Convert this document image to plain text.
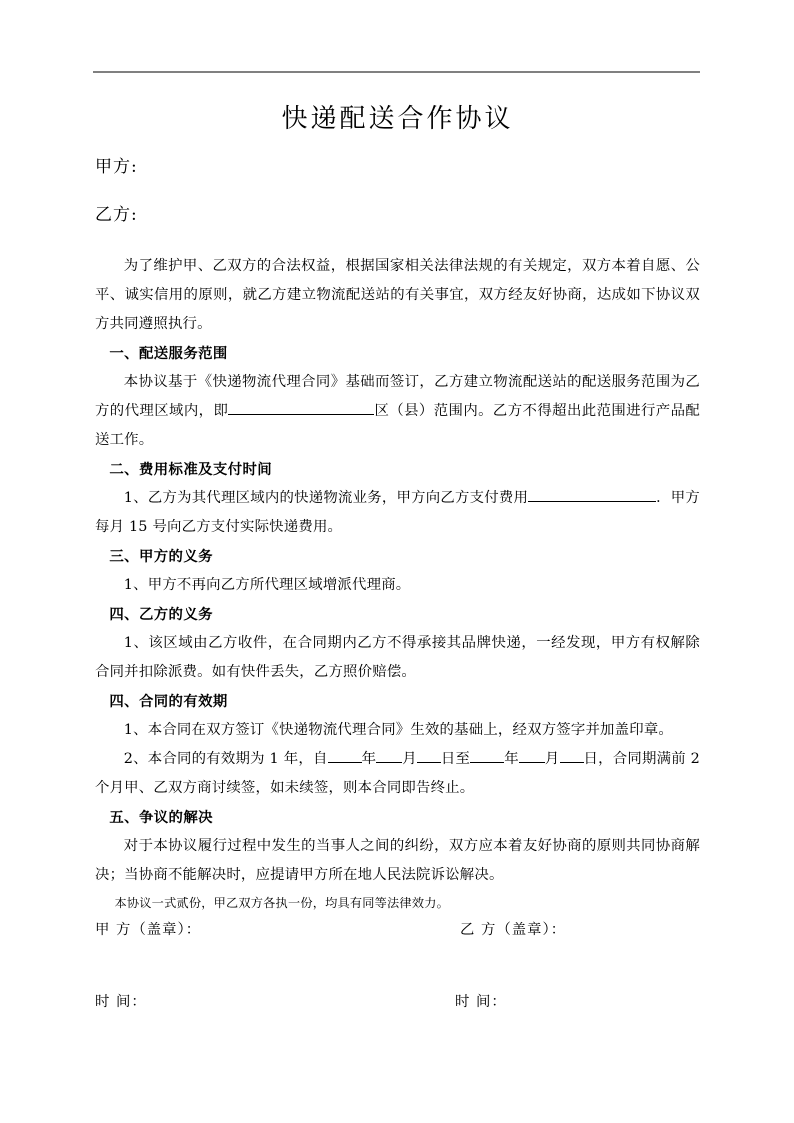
快递配送合作协议
甲方:
乙方:

为了维护甲、乙双方的合法权益，根据国家相关法律法规的有关规定，双方本着自愿、公平、诚实信用的原则，就乙方建立物流配送站的有关事宜，双方经友好协商，达成如下协议双方共同遵照执行。

一、配送服务范围

本协议基于《快递物流代理合同》基础而签订，乙方建立物流配送站的配送服务范围为乙方的代理区域内，即	区（县）范围内。乙方不得超出此范围进行产品配送工作。

二、费用标准及支付时间

1、乙方为其代理区域内的快递物流业务，甲方向乙方支付费用	．甲方每月 15 号向乙方支付实际快递费用。

三、甲方的义务

1、甲方不再向乙方所代理区域增派代理商。

四、乙方的义务

1、该区域由乙方收件，在合同期内乙方不得承接其品牌快递，一经发现，甲方有权解除合同并扣除派费。如有快件丢失，乙方照价赔偿。

四、合同的有效期

1、本合同在双方签订《快递物流代理合同》生效的基础上，经双方签字并加盖印章。

2、本合同的有效期为 1 年，自 年 月 日至 年 月 日，合同期满前 2 个月甲、乙双方商讨续签，如未续签，则本合同即告终止。

五、争议的解决

对于本协议履行过程中发生的当事人之间的纠纷，双方应本着友好协商的原则共同协商解决；当协商不能解决时，应提请甲方所在地人民法院诉讼解决。

本协议一式贰份，甲乙双方各执一份，均具有同等法律效力。

甲 方（盖章）：	乙 方（盖章）：
时 间：	时 间：
